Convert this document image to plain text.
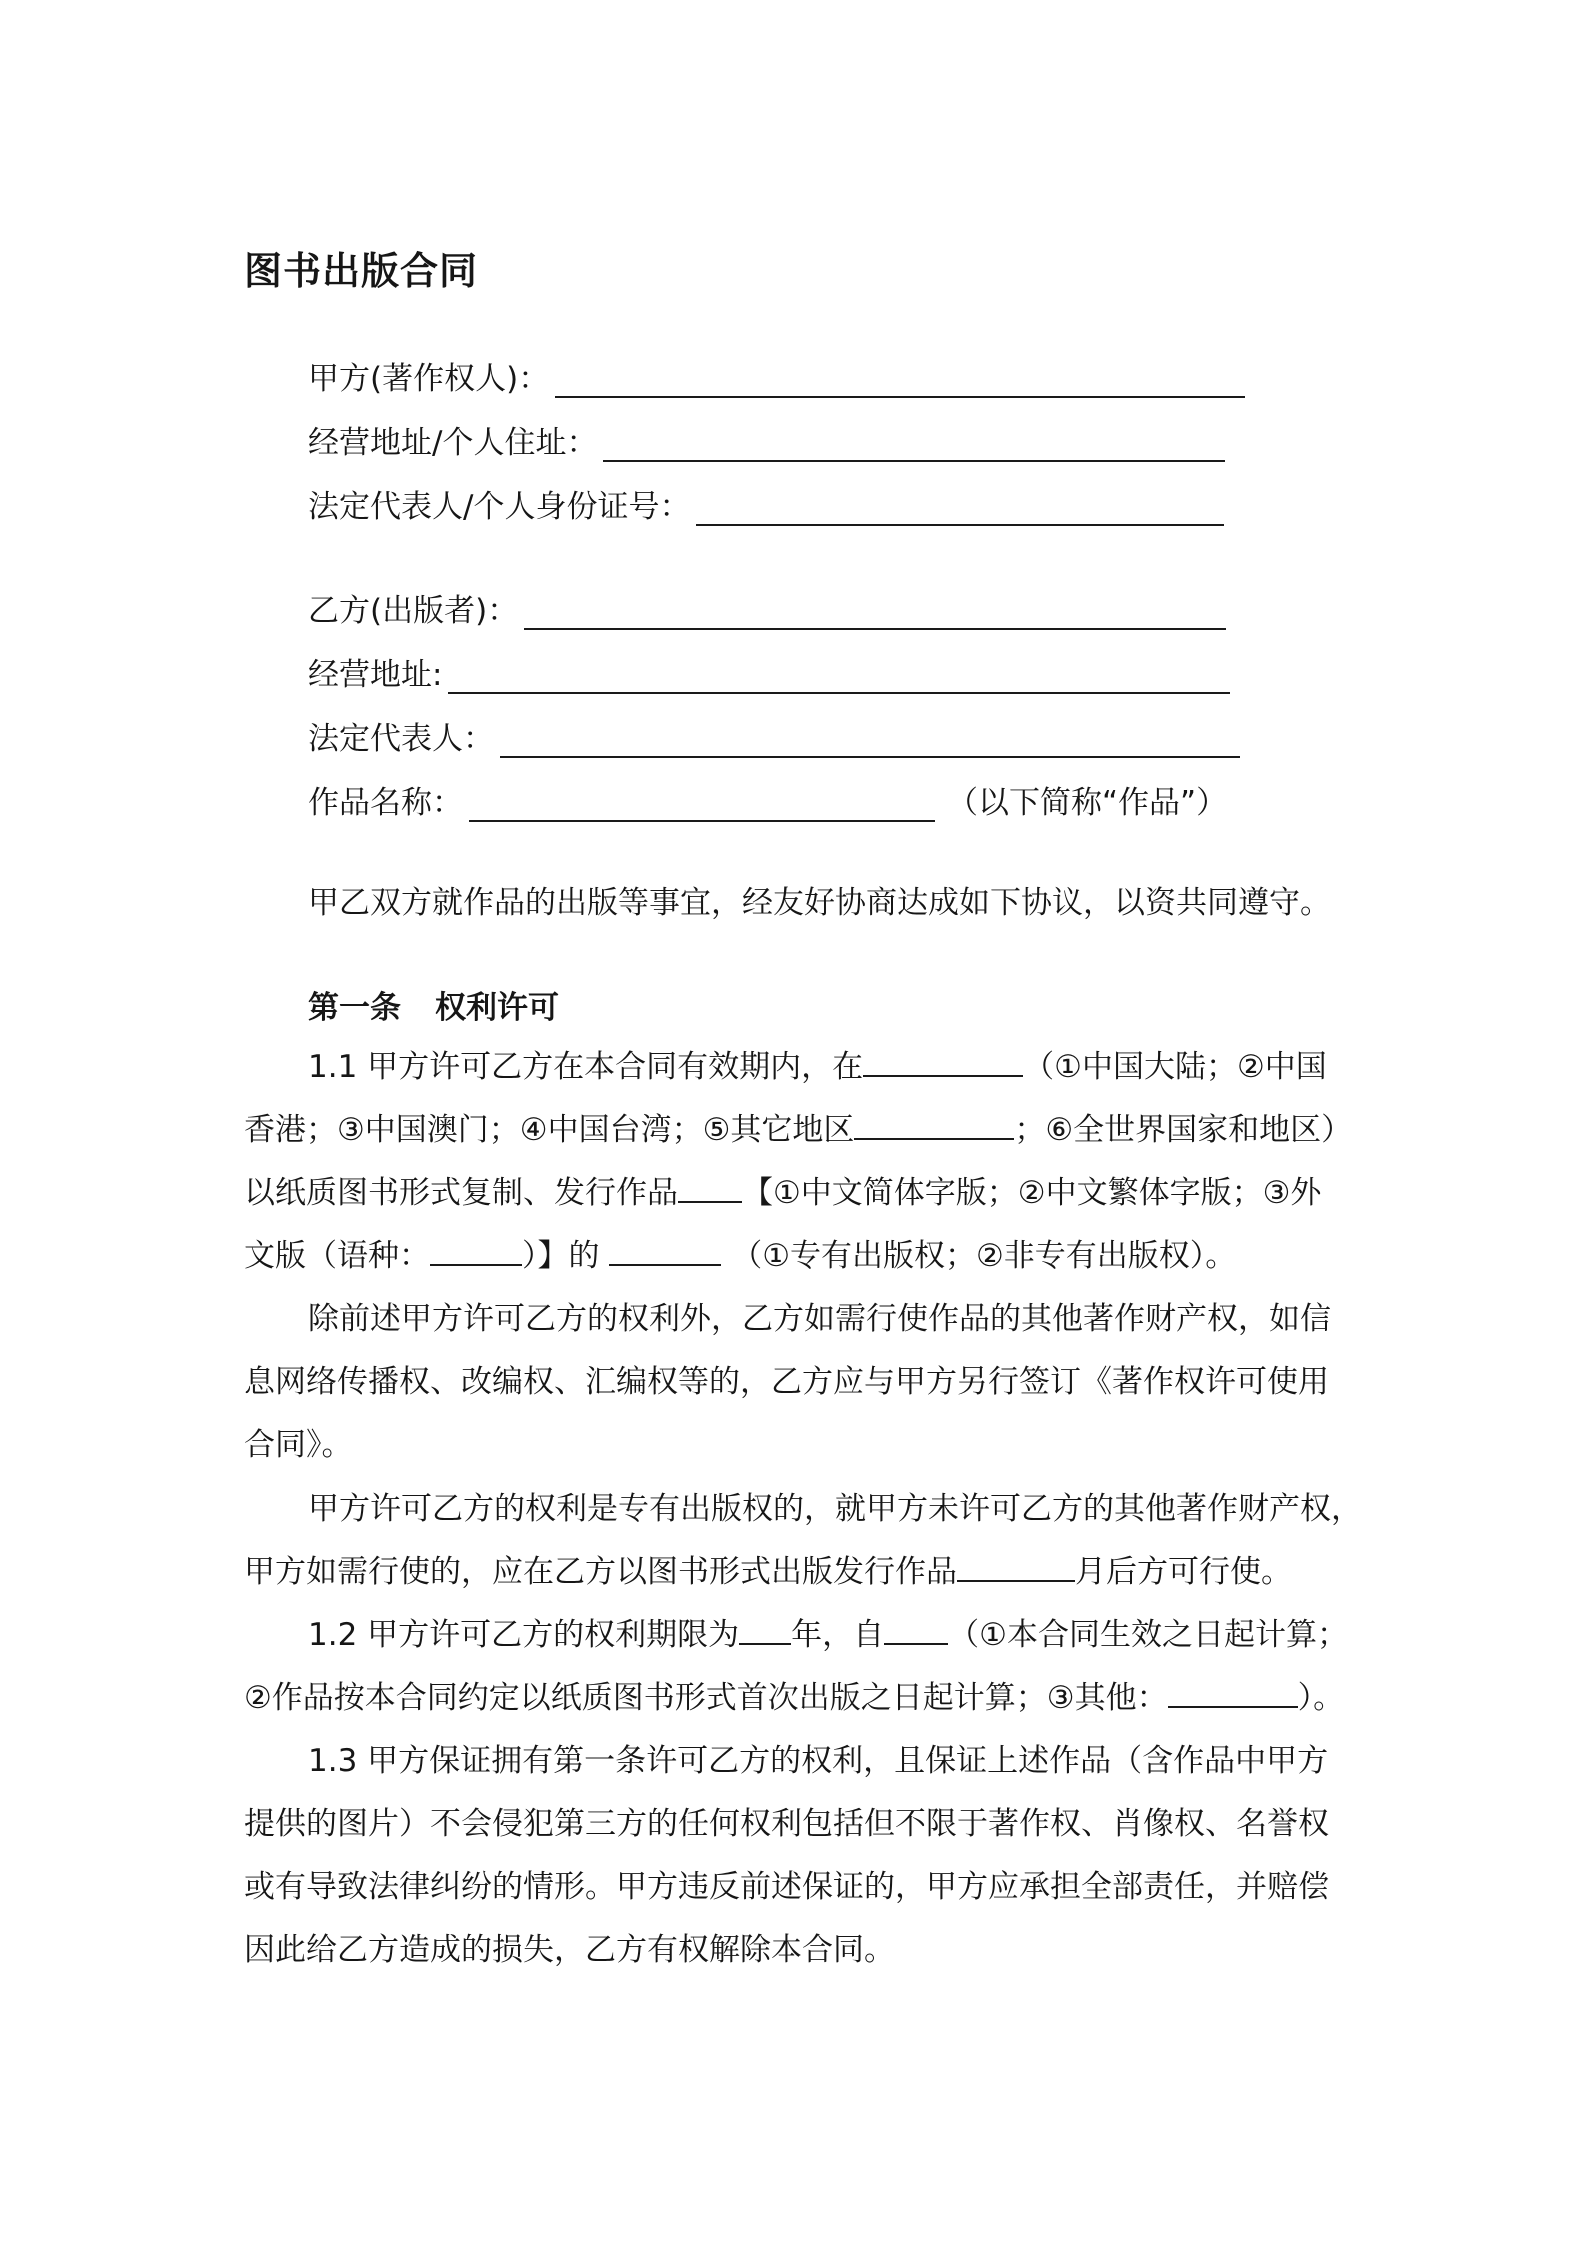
图书出版合同
甲方(著作权人)：
经营地址/个人住址：
法定代表人/个人身份证号：
乙方(出版者)：
经营地址:
法定代表人：
作品名称：	（以下简称“作品”）
甲乙双方就作品的出版等事宜，经友好协商达成如下协议，以资共同遵守。
第一条 权利许可
1.1 甲方许可乙方在本合同有效期内，在	（①中国大陆；②中国
香港；③中国澳门；④中国台湾；⑤其它地区	；⑥全世界国家和地区）
以纸质图书形式复制、发行作品 【①中文简体字版；②中文繁体字版；③外
文版（语种：	）】的	（①专有出版权；②非专有出版权）。
除前述甲方许可乙方的权利外，乙方如需行使作品的其他著作财产权，如信
息网络传播权、改编权、汇编权等的，乙方应与甲方另行签订《著作权许可使用
合同》。
甲方许可乙方的权利是专有出版权的，就甲方未许可乙方的其他著作财产权，
甲方如需行使的，应在乙方以图书形式出版发行作品	月后方可行使。
1.2 甲方许可乙方的权利期限为 年，自 （①本合同生效之日起计算；
②作品按本合同约定以纸质图书形式首次出版之日起计算；③其他：	）。
1.3 甲方保证拥有第一条许可乙方的权利，且保证上述作品（含作品中甲方
提供的图片）不会侵犯第三方的任何权利包括但不限于著作权、肖像权、名誉权
或有导致法律纠纷的情形。甲方违反前述保证的，甲方应承担全部责任，并赔偿
因此给乙方造成的损失，乙方有权解除本合同。
